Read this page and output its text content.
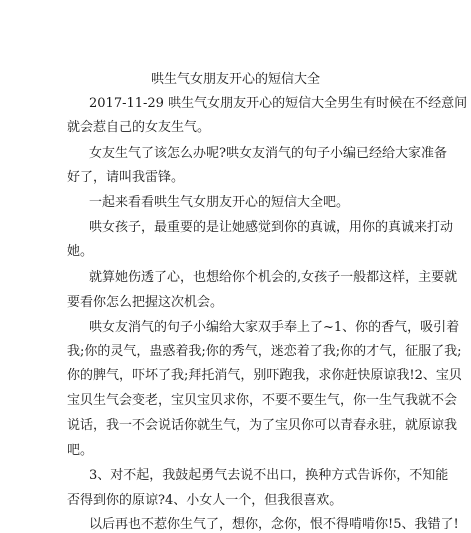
哄生气女朋友开心的短信大全

2017-11-29 哄生气女朋友开心的短信大全男生有时候在不经意间

就会惹自己的女友生气。

女友生气了该怎么办呢?哄女友消气的句子小编已经给大家准备

好了，请叫我雷锋。

一起来看看哄生气女朋友开心的短信大全吧。

哄女孩子，最重要的是让她感觉到你的真诚，用你的真诚来打动

她。

就算她伤透了心，也想给你个机会的,女孩子一般都这样，主要就

要看你怎么把握这次机会。

哄女友消气的句子小编给大家双手奉上了~1、你的香气，吸引着

我;你的灵气，蛊惑着我;你的秀气，迷恋着了我;你的才气，征服了我;

你的脾气，吓坏了我;拜托消气，别吓跑我，求你赶快原谅我!2、宝贝

宝贝生气会变老，宝贝宝贝求你，不要不要生气，你一生气我就不会

说话，我一不会说话你就生气，为了宝贝你可以青春永驻，就原谅我

吧。

3、对不起，我鼓起勇气去说不出口，换种方式告诉你，不知能

否得到你的原谅?4、小女人一个，但我很喜欢。

以后再也不惹你生气了，想你，念你，恨不得啃啃你!5、我错了!
